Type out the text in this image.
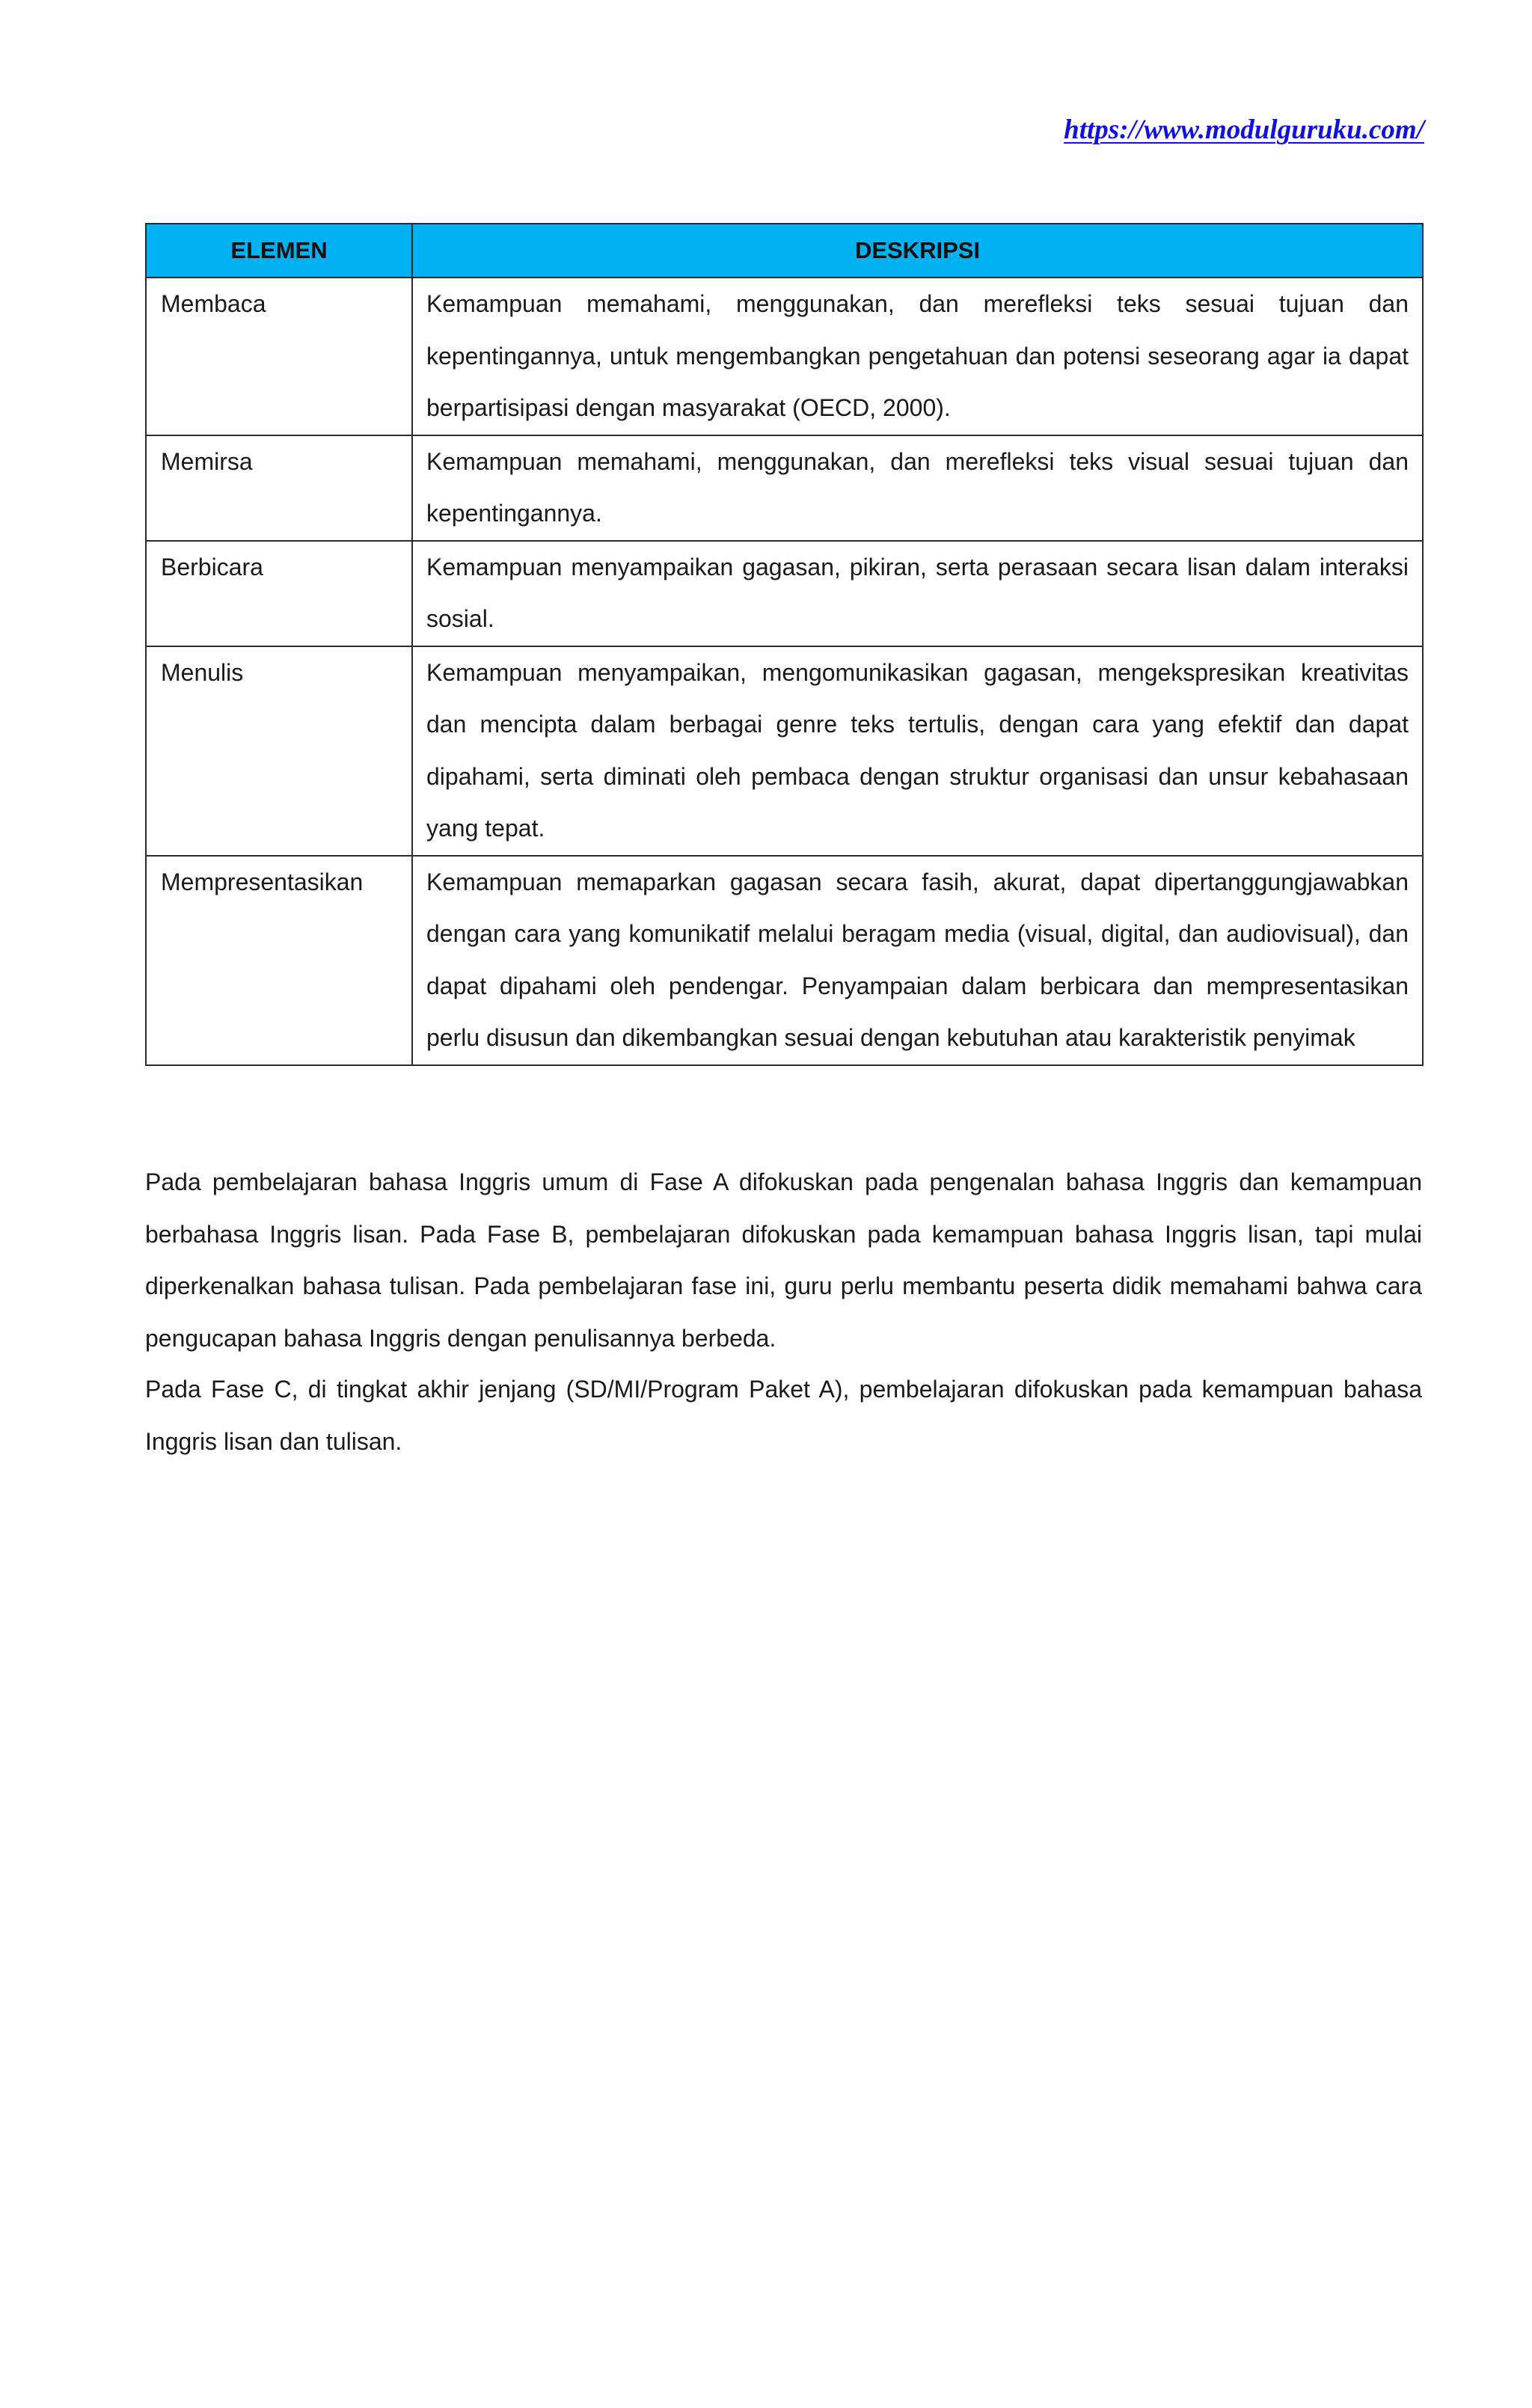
https://www.modulguruku.com/
ELEMEN	DESKRIPSI
Membaca	Kemampuan memahami, menggunakan, dan merefleksi teks sesuai tujuan dan kepentingannya, untuk mengembangkan pengetahuan dan potensi seseorang agar ia dapat berpartisipasi dengan masyarakat (OECD, 2000).
Memirsa	Kemampuan memahami, menggunakan, dan merefleksi teks visual sesuai tujuan dan kepentingannya.
Berbicara	Kemampuan menyampaikan gagasan, pikiran, serta perasaan secara lisan dalam interaksi sosial.
Menulis	Kemampuan menyampaikan, mengomunikasikan gagasan, mengekspresikan kreativitas dan mencipta dalam berbagai genre teks tertulis, dengan cara yang efektif dan dapat dipahami, serta diminati oleh pembaca dengan struktur organisasi dan unsur kebahasaan yang tepat.
Mempresentasikan	Kemampuan memaparkan gagasan secara fasih, akurat, dapat dipertanggungjawabkan dengan cara yang komunikatif melalui beragam media (visual, digital, dan audiovisual), dan dapat dipahami oleh pendengar. Penyampaian dalam berbicara dan mempresentasikan perlu disusun dan dikembangkan sesuai dengan kebutuhan atau karakteristik penyimak

Pada pembelajaran bahasa Inggris umum di Fase A difokuskan pada pengenalan bahasa Inggris dan kemampuan berbahasa Inggris lisan. Pada Fase B, pembelajaran difokuskan pada kemampuan bahasa Inggris lisan, tapi mulai diperkenalkan bahasa tulisan. Pada pembelajaran fase ini, guru perlu membantu peserta didik memahami bahwa cara pengucapan bahasa Inggris dengan penulisannya berbeda.

Pada Fase C, di tingkat akhir jenjang (SD/MI/Program Paket A), pembelajaran difokuskan pada kemampuan bahasa Inggris lisan dan tulisan.
